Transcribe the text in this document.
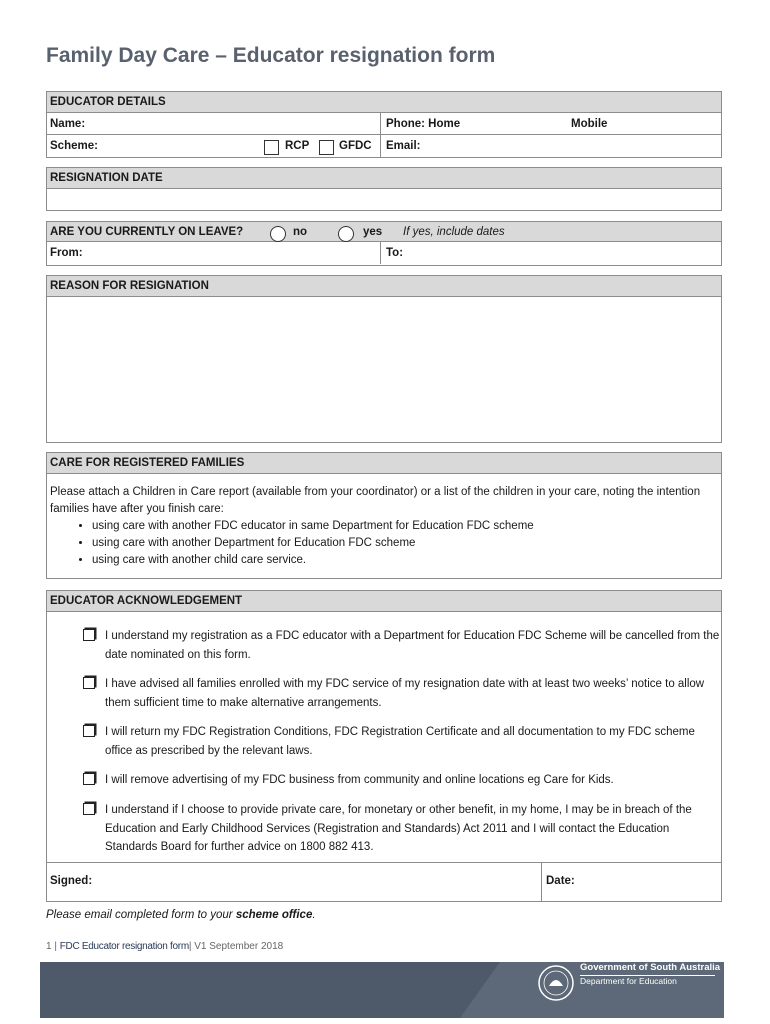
Family Day Care – Educator resignation form
EDUCATOR DETAILS
Name:	Phone: Home	Mobile
Scheme:	RCP	GFDC Email:
RESIGNATION DATE
ARE YOU CURRENTLY ON LEAVE?	no	yes If yes, include dates
From:	To:
REASON FOR RESIGNATION
CARE FOR REGISTERED FAMILIES
Please attach a Children in Care report (available from your coordinator) or a list of the children in your care, noting the intention families have after you finish care:
• using care with another FDC educator in same Department for Education FDC scheme
• using care with another Department for Education FDC scheme
• using care with another child care service.
EDUCATOR ACKNOWLEDGEMENT
I understand my registration as a FDC educator with a Department for Education FDC Scheme will be cancelled from the date nominated on this form.
I have advised all families enrolled with my FDC service of my resignation date with at least two weeks’ notice to allow them sufficient time to make alternative arrangements.
I will return my FDC Registration Conditions, FDC Registration Certificate and all documentation to my FDC scheme office as prescribed by the relevant laws.
I will remove advertising of my FDC business from community and online locations eg Care for Kids.
I understand if I choose to provide private care, for monetary or other benefit, in my home, I may be in breach of the Education and Early Childhood Services (Registration and Standards) Act 2011 and I will contact the Education Standards Board for further advice on 1800 882 413.
Signed:	Date:
Please email completed form to your scheme office.
1 | FDC Educator resignation form| V1 September 2018
Government of South Australia
Department for Education
